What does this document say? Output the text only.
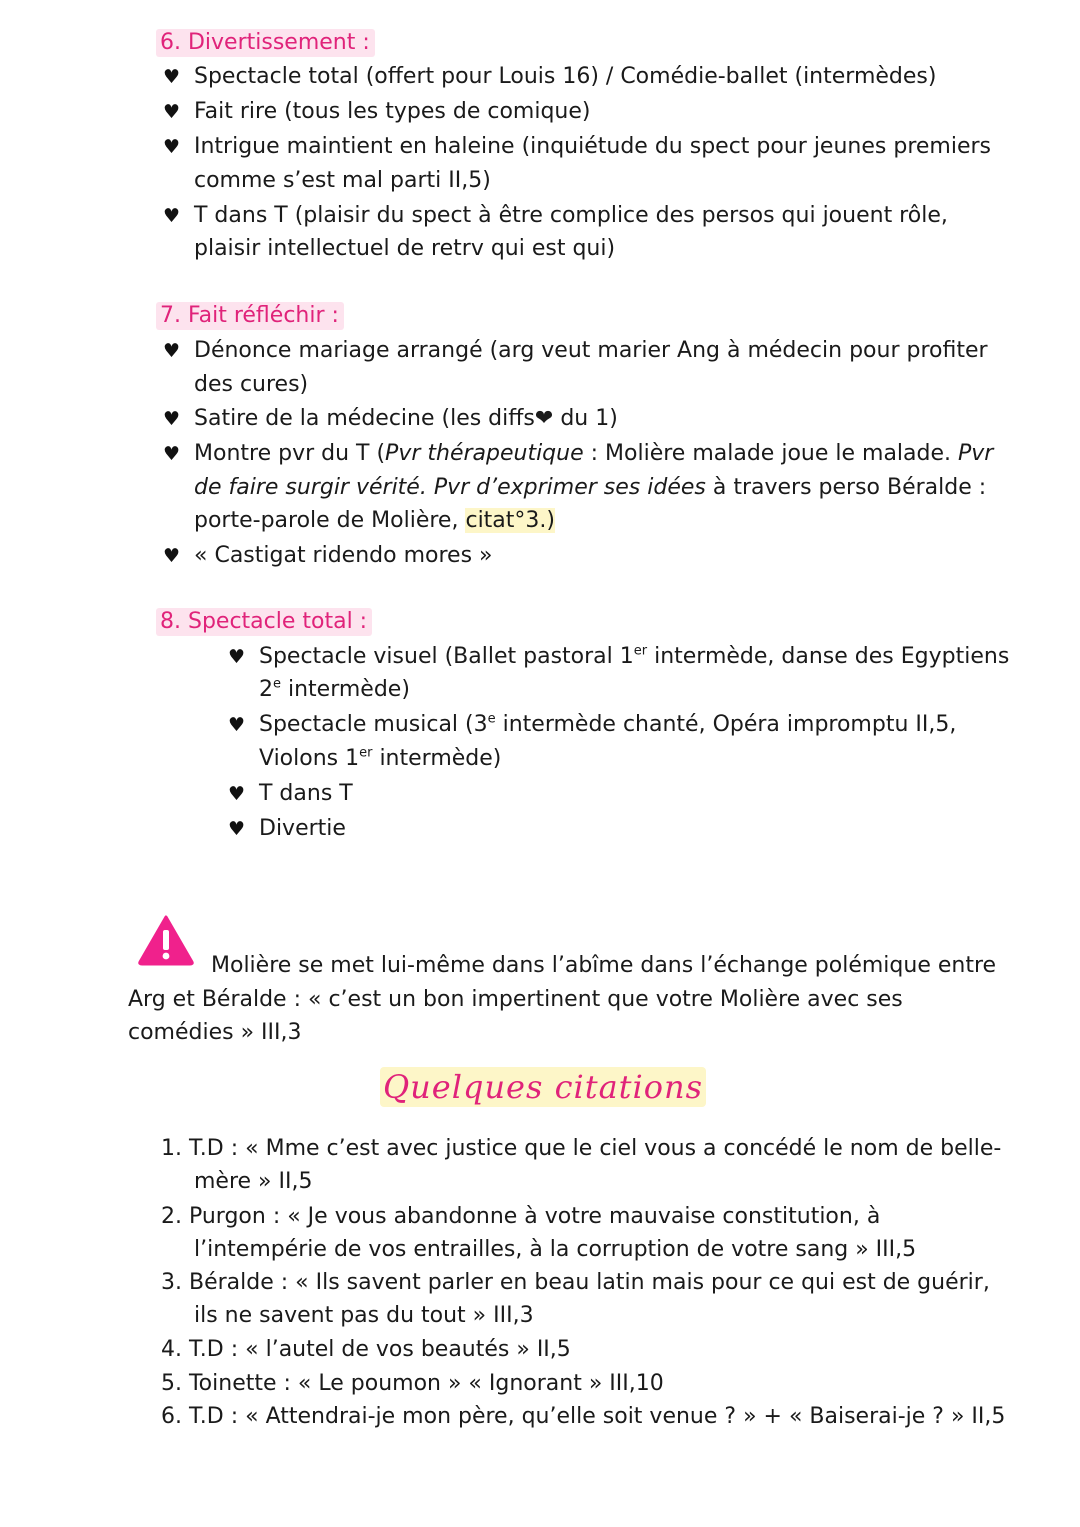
6. Divertissement :
♥ Spectacle total (offert pour Louis 16) / Comédie-ballet (intermèdes)
♥ Fait rire (tous les types de comique)
♥ Intrigue maintient en haleine (inquiétude du spect pour jeunes premiers
comme s’est mal parti II,5)
♥ T dans T (plaisir du spect à être complice des persos qui jouent rôle,
plaisir intellectuel de retrv qui est qui)
7. Fait réfléchir :
♥ Dénonce mariage arrangé (arg veut marier Ang à médecin pour profiter
des cures)
♥ Satire de la médecine (les diffs❤ du 1)
♥ Montre pvr du T (Pvr thérapeutique : Molière malade joue le malade. Pvr
de faire surgir vérité. Pvr d’exprimer ses idées à travers perso Béralde :
porte-parole de Molière, citat°3.)
♥ « Castigat ridendo mores »
8. Spectacle total :
♥ Spectacle visuel (Ballet pastoral 1er intermède, danse des Egyptiens
2e intermède)
♥ Spectacle musical (3e intermède chanté, Opéra impromptu II,5,
Violons 1er intermède)
♥ T dans T
♥ Divertie
Molière se met lui-même dans l’abîme dans l’échange polémique entre
Arg et Béralde : « c’est un bon impertinent que votre Molière avec ses
comédies » III,3
Quelques citations
1. T.D : « Mme c’est avec justice que le ciel vous a concédé le nom de belle-
mère » II,5
2. Purgon : « Je vous abandonne à votre mauvaise constitution, à
l’intempérie de vos entrailles, à la corruption de votre sang » III,5
3. Béralde : « Ils savent parler en beau latin mais pour ce qui est de guérir,
ils ne savent pas du tout » III,3
4. T.D : « l’autel de vos beautés » II,5
5. Toinette : « Le poumon » « Ignorant » III,10
6. T.D : « Attendrai-je mon père, qu’elle soit venue ? » + « Baiserai-je ? » II,5
